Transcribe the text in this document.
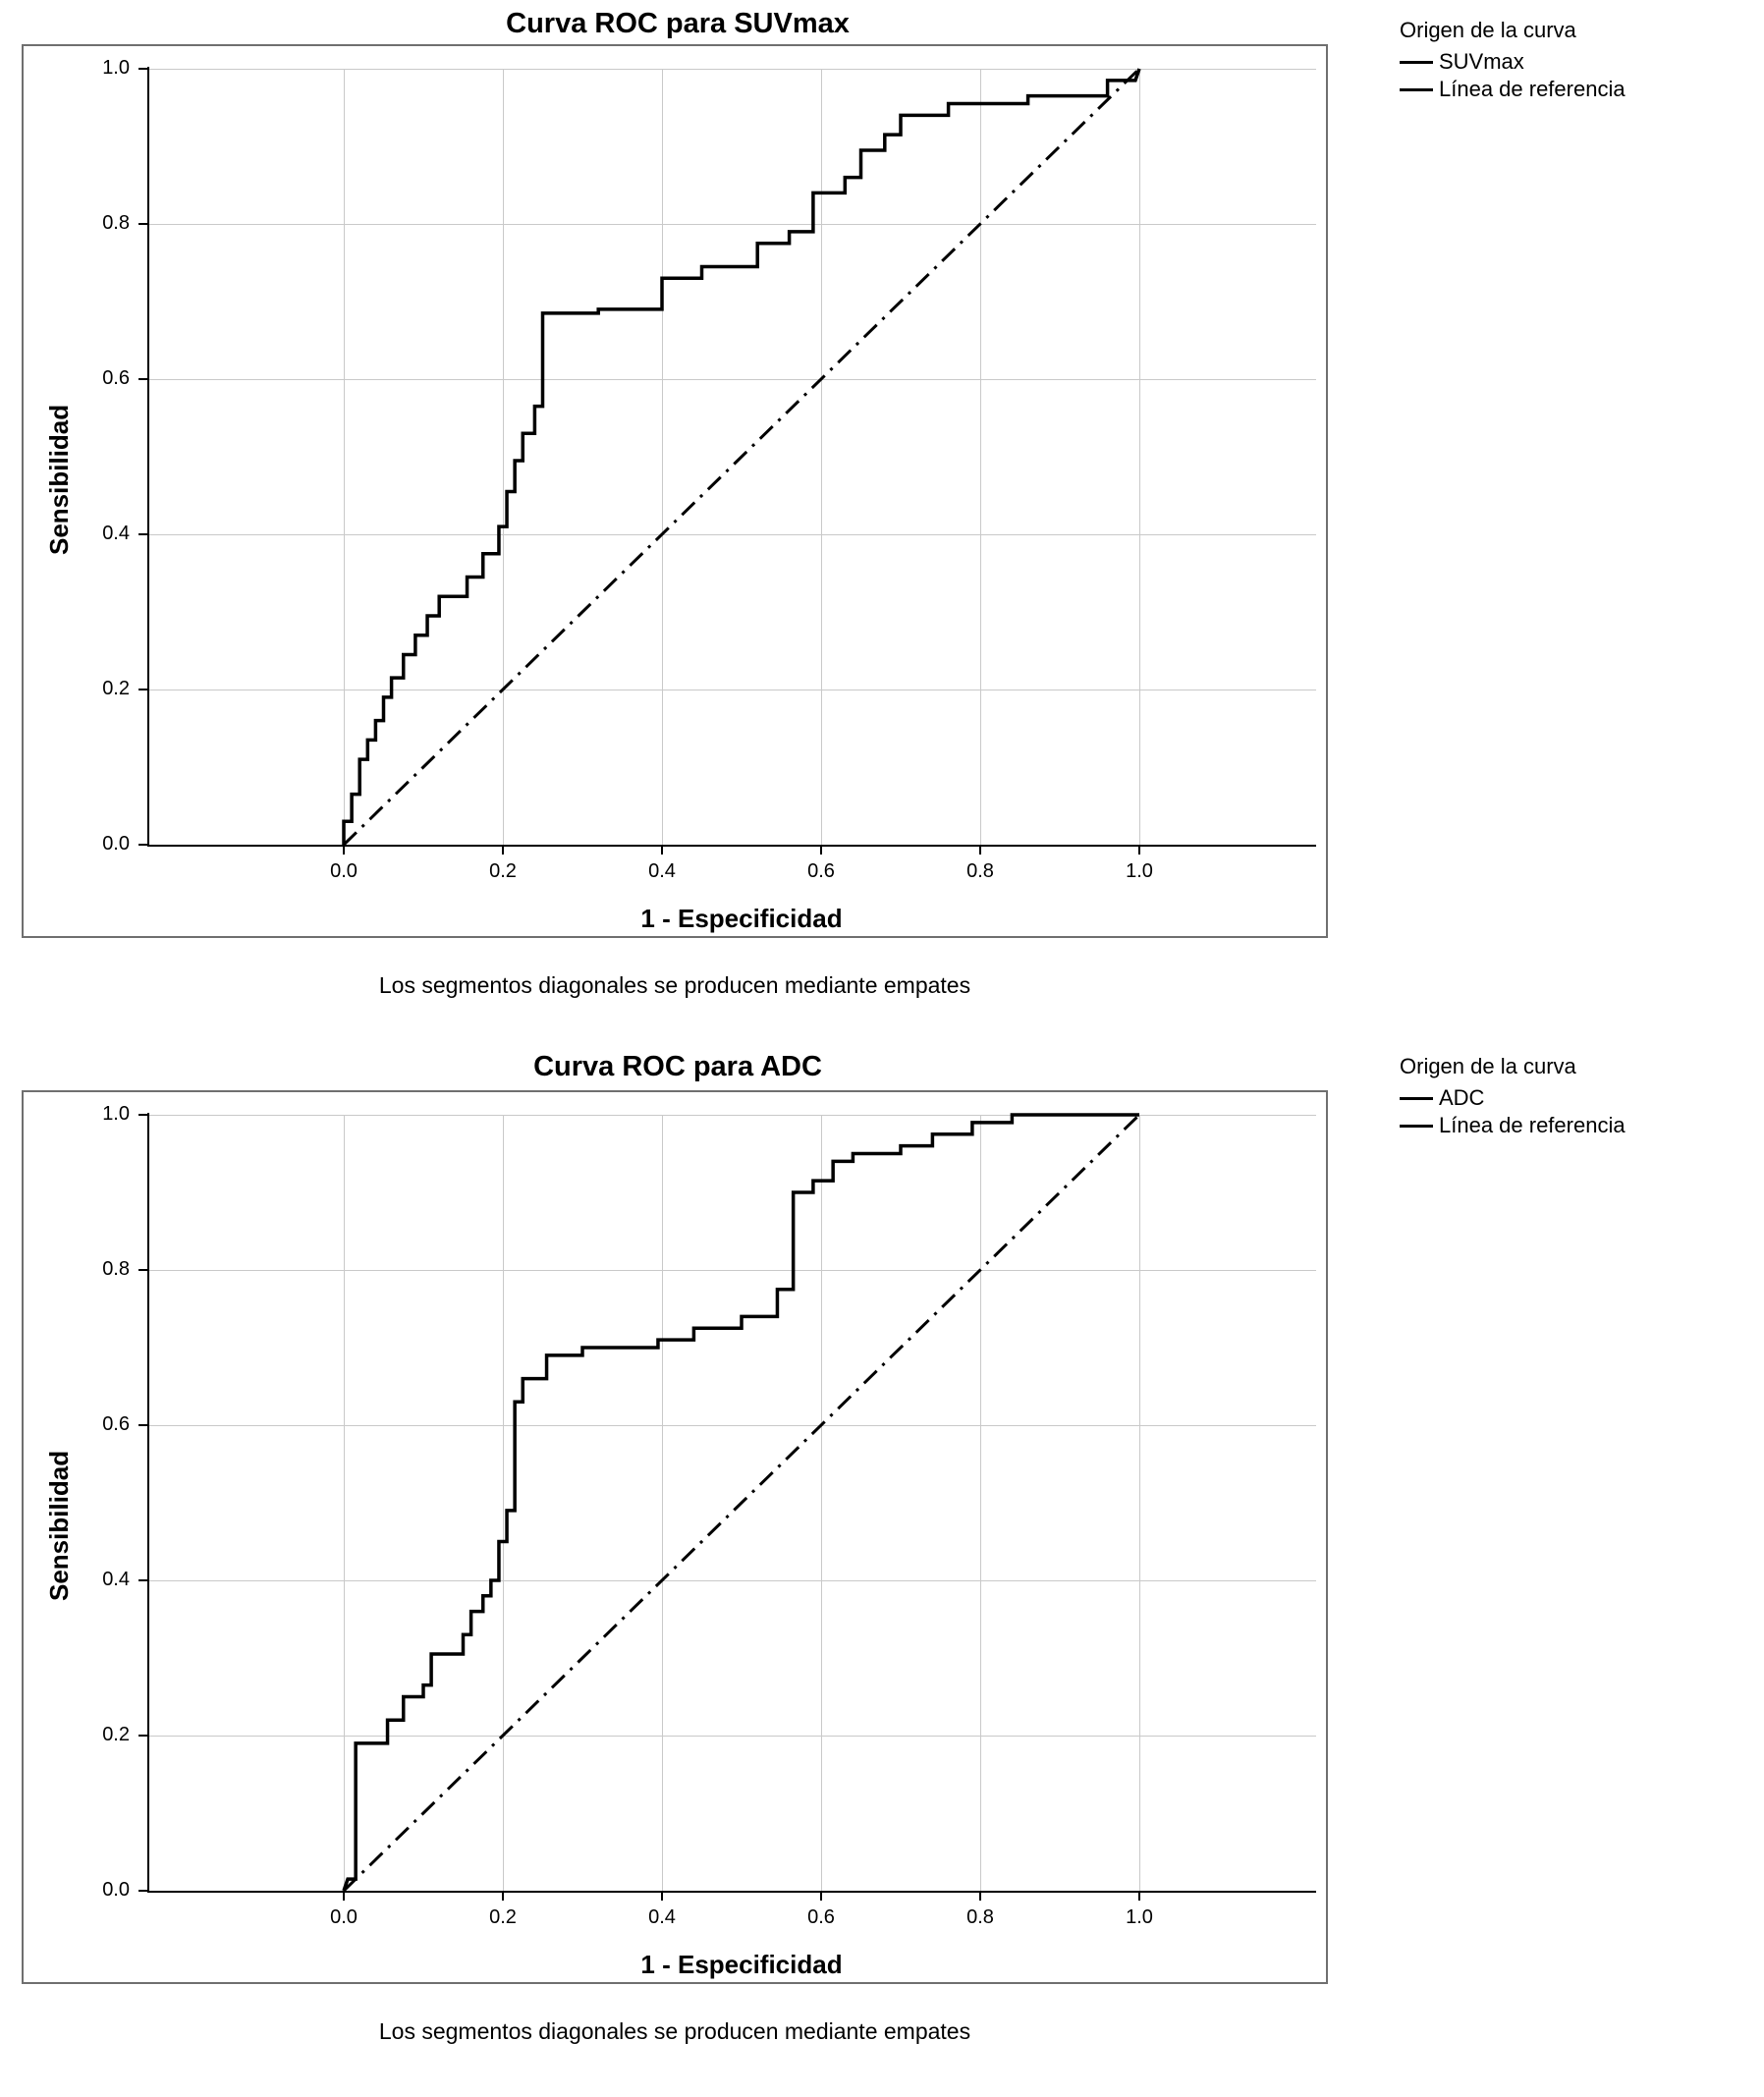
Curva ROC para SUVmax
0.0
0.2
0.4
0.6
0.8
1.0
0.0	0.2	0.4	0.6	0.8	1.0
Sensibilidad
1 - Especificidad
Los segmentos diagonales se producen mediante empates
Origen de la curva
SUVmax
Línea de referencia
Curva ROC para ADC
0.0
0.2
0.4
0.6
0.8
1.0
0.0	0.2	0.4	0.6	0.8	1.0
Sensibilidad
1 - Especificidad
Los segmentos diagonales se producen mediante empates
Origen de la curva
ADC
Línea de referencia
